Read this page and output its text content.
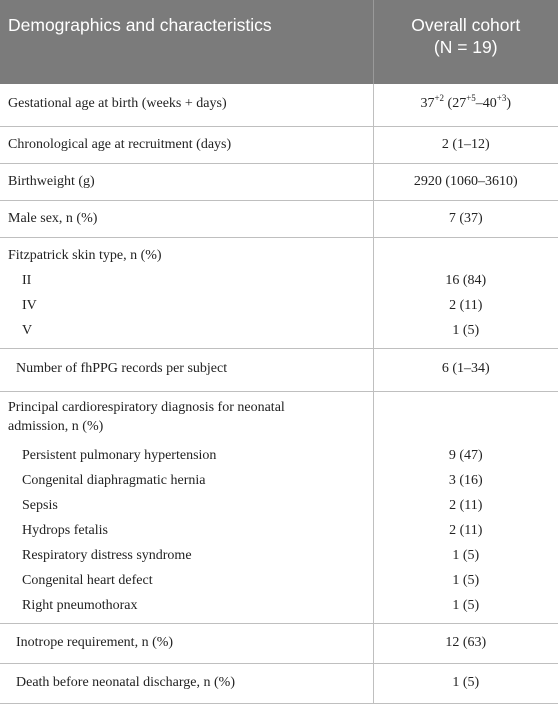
Demographics and characteristics	Overall cohort
(N = 19)

Gestational age at birth (weeks + days)	$37^{+2}$ $(27^{+5}-40^{+3})$

Chronological age at recruitment (days)	2 (1–12)

Birthweight (g)	2920 (1060–3610)

Male sex, n (%)	7 (37)

Fitzpatrick skin type, n (%)	

II	16 (84)

IV	2 (11)

V	1 (5)

Number of fhPPG records per subject	6 (1–34)

Principal cardiorespiratory diagnosis for neonatal
admission, n (%)	

Persistent pulmonary hypertension	9 (47)

Congenital diaphragmatic hernia	3 (16)

Sepsis	2 (11)

Hydrops fetalis	2 (11)

Respiratory distress syndrome	1 (5)

Congenital heart defect	1 (5)

Right pneumothorax	1 (5)

Inotrope requirement, n (%)	12 (63)

Death before neonatal discharge, n (%)	1 (5)
